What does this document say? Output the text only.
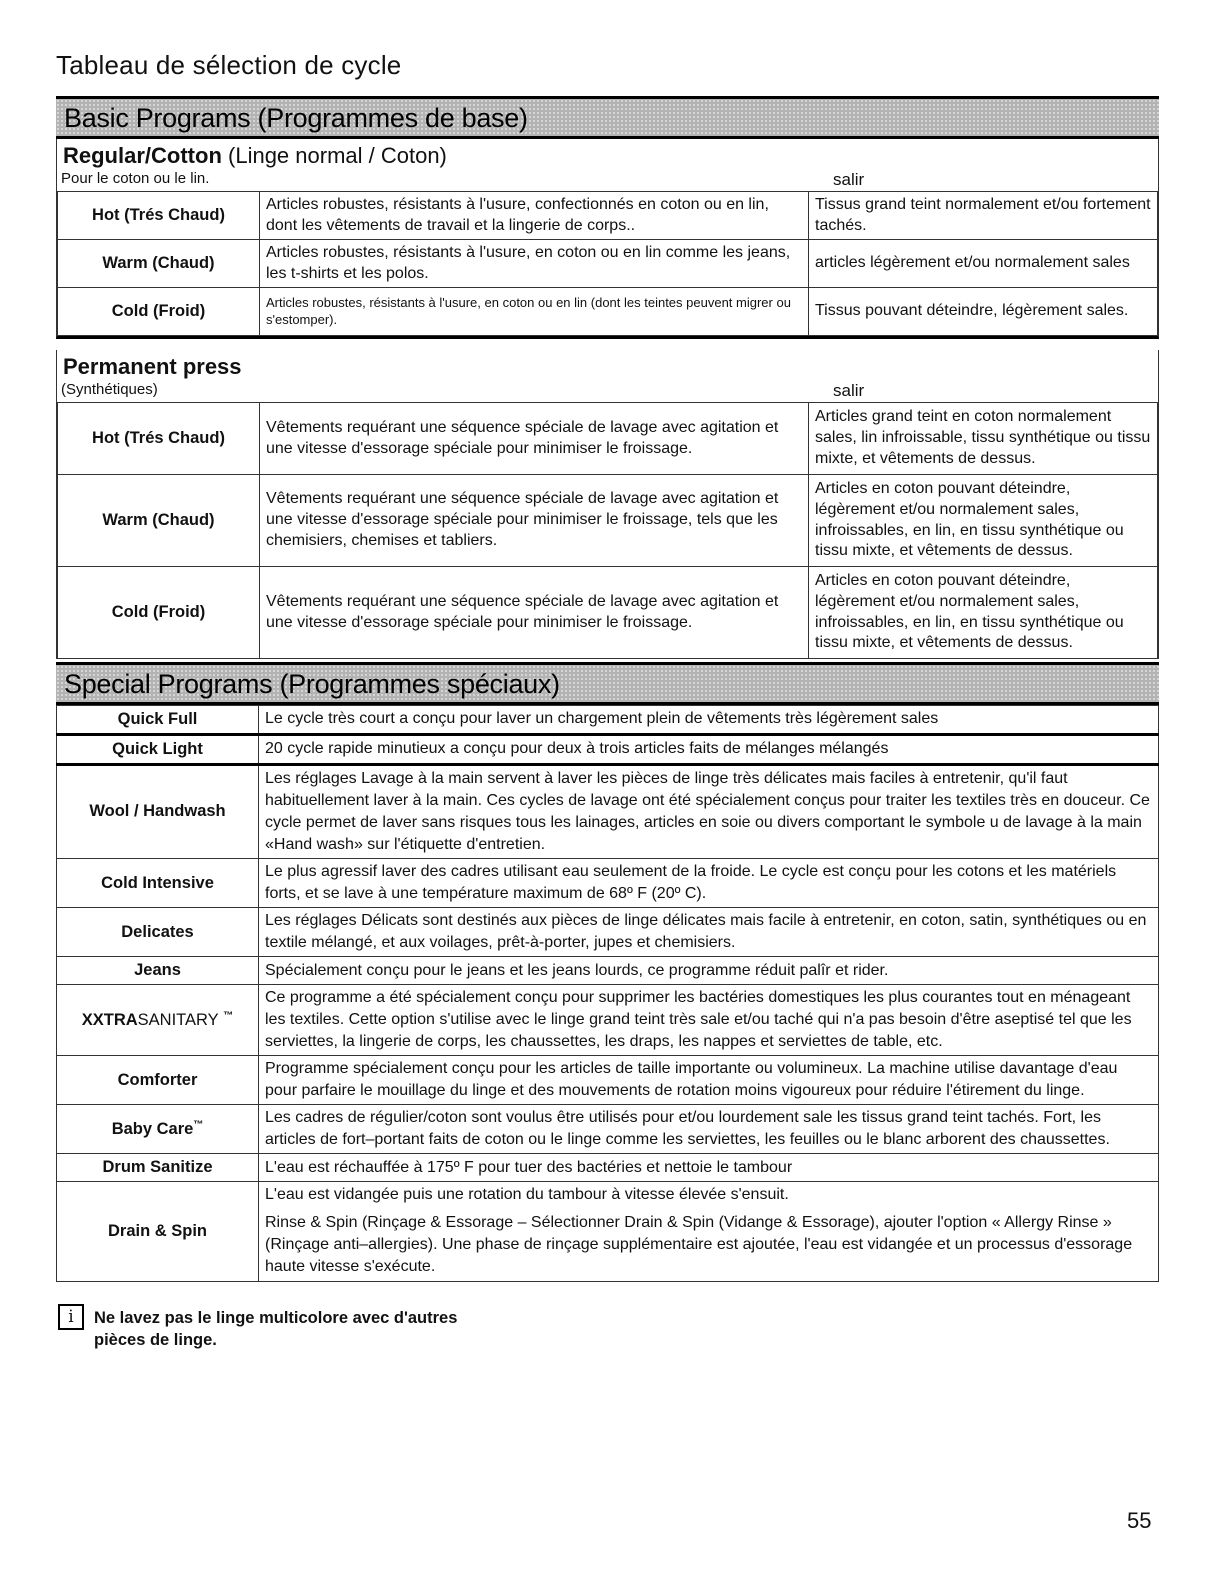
Tableau de sélection de cycle
Basic Programs (Programmes de base)
Regular/Cotton (Linge normal / Coton)
Pour le coton ou le lin.	salir
Hot (Trés Chaud)	Articles robustes, résistants à l'usure, confectionnés en coton ou en lin, dont les vêtements de travail et la lingerie de corps..	Tissus grand teint normalement et/ou fortement tachés.
Warm (Chaud)	Articles robustes, résistants à l'usure, en coton ou en lin comme les jeans, les t-shirts et les polos.	articles légèrement et/ou normalement sales
Cold (Froid)	Articles robustes, résistants à l'usure, en coton ou en lin (dont les teintes peuvent migrer ou s'estomper).	Tissus pouvant déteindre, légèrement sales.
Permanent press
(Synthétiques)	salir
Hot (Trés Chaud)	Vêtements requérant une séquence spéciale de lavage avec agitation et une vitesse d'essorage spéciale pour minimiser le froissage.	Articles grand teint en coton normalement sales, lin infroissable, tissu synthétique ou tissu mixte, et vêtements de dessus.
Warm (Chaud)	Vêtements requérant une séquence spéciale de lavage avec agitation et une vitesse d'essorage spéciale pour minimiser le froissage, tels que les chemisiers, chemises et tabliers.	Articles en coton pouvant déteindre, légèrement et/ou normalement sales, infroissables, en lin, en tissu synthétique ou tissu mixte, et vêtements de dessus.
Cold (Froid)	Vêtements requérant une séquence spéciale de lavage avec agitation et une vitesse d'essorage spéciale pour minimiser le froissage.	Articles en coton pouvant déteindre, légèrement et/ou normalement sales, infroissables, en lin, en tissu synthétique ou tissu mixte, et vêtements de dessus.
Special Programs (Programmes spéciaux)
Quick Full	Le cycle très court a conçu pour laver un chargement plein de vêtements très légèrement sales
Quick Light	20 cycle rapide minutieux a conçu pour deux à trois articles faits de mélanges mélangés
Wool / Handwash	Les réglages Lavage à la main servent à laver les pièces de linge très délicates mais faciles à entretenir, qu'il faut habituellement laver à la main. Ces cycles de lavage ont été spécialement conçus pour traiter les textiles très en douceur. Ce cycle permet de laver sans risques tous les lainages, articles en soie ou divers comportant le symbole u de lavage à la main «Hand wash» sur l'étiquette d'entretien.
Cold Intensive	Le plus agressif laver des cadres utilisant eau seulement de la froide. Le cycle est conçu pour les cotons et les matériels forts, et se lave à une température maximum de 68º F (20º C).
Delicates	Les réglages Délicats sont destinés aux pièces de linge délicates mais facile à entretenir, en coton, satin, synthétiques ou en textile mélangé, et aux voilages, prêt-à-porter, jupes et chemisiers.
Jeans	Spécialement conçu pour le jeans et les jeans lourds, ce programme réduit palîr et rider.
XXTRASANITARY ™	Ce programme a été spécialement conçu pour supprimer les bactéries domestiques les plus courantes tout en ménageant les textiles. Cette option s'utilise avec le linge grand teint très sale et/ou taché qui n'a pas besoin d'être aseptisé tel que les serviettes, la lingerie de corps, les chaussettes, les draps, les nappes et serviettes de table, etc.
Comforter	Programme spécialement conçu pour les articles de taille importante ou volumineux. La machine utilise davantage d'eau pour parfaire le mouillage du linge et des mouvements de rotation moins vigoureux pour réduire l'étirement du linge.
Baby Care™	Les cadres de régulier/coton sont voulus être utilisés pour et/ou lourdement sale les tissus grand teint tachés. Fort, les articles de fort–portant faits de coton ou le linge comme les serviettes, les feuilles ou le blanc arborent des chaussettes.
Drum Sanitize	L'eau est réchauffée à 175º F pour tuer des bactéries et nettoie le tambour
Drain & Spin	L'eau est vidangée puis une rotation du tambour à vitesse élevée s'ensuit.

Rinse & Spin (Rinçage & Essorage – Sélectionner Drain & Spin (Vidange & Essorage), ajouter l'option « Allergy Rinse » (Rinçage anti–allergies). Une phase de rinçage supplémentaire est ajoutée, l'eau est vidangée et un processus d'essorage haute vitesse s'exécute.

i	Ne lavez pas le linge multicolore avec d'autres pièces de linge.
55
